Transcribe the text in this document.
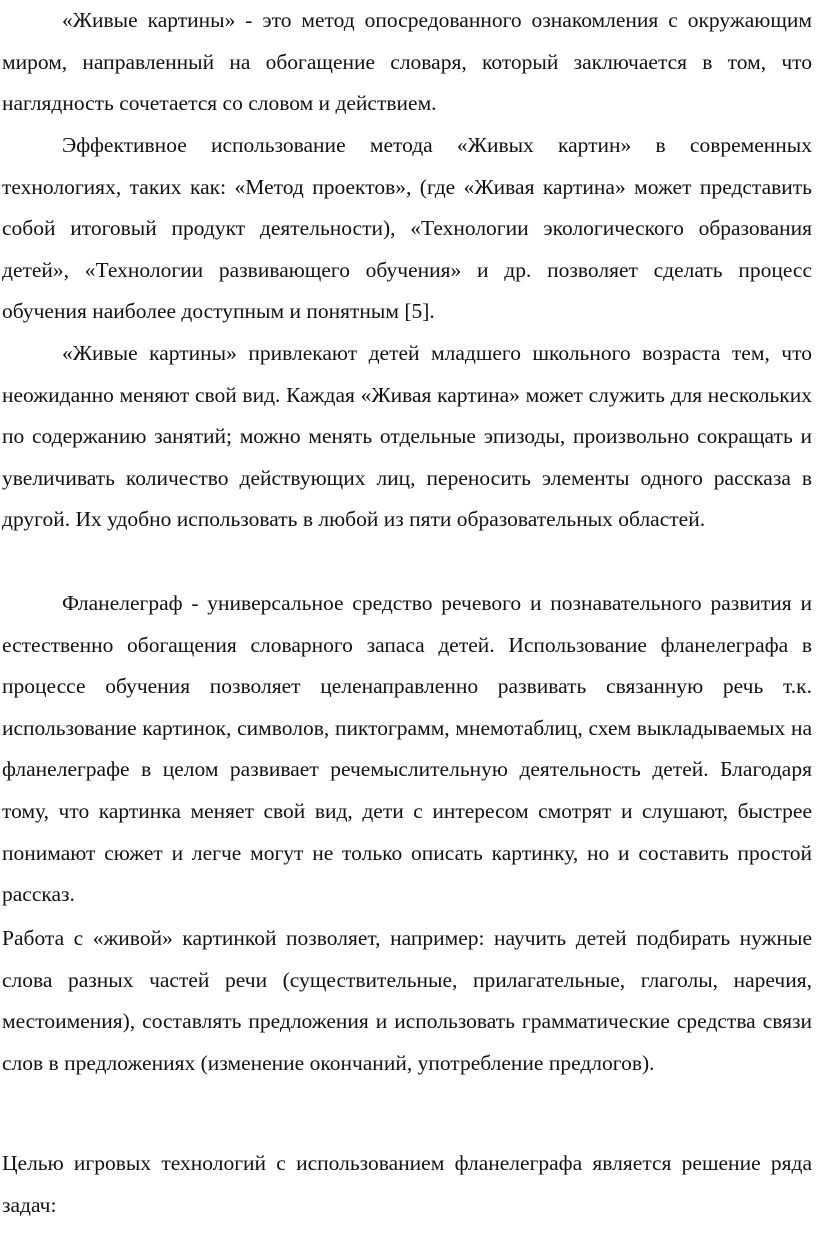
«Живые картины» - это метод опосредованного ознакомления с окружающим миром, направленный на обогащение словаря, который заключается в том, что наглядность сочетается со словом и действием.

Эффективное использование метода «Живых картин» в современных технологиях, таких как: «Метод проектов», (где «Живая картина» может представить собой итоговый продукт деятельности), «Технологии экологического образования детей», «Технологии развивающего обучения» и др. позволяет сделать процесс обучения наиболее доступным и понятным [5].

«Живые картины» привлекают детей младшего школьного возраста тем, что неожиданно меняют свой вид. Каждая «Живая картина» может служить для нескольких по содержанию занятий; можно менять отдельные эпизоды, произвольно сокращать и увеличивать количество действующих лиц, переносить элементы одного рассказа в другой. Их удобно использовать в любой из пяти образовательных областей.

Фланелеграф - универсальное средство речевого и познавательного развития и естественно обогащения словарного запаса детей. Использование фланелеграфа в процессе обучения позволяет целенаправленно развивать связанную речь т.к. использование картинок, символов, пиктограмм, мнемотаблиц, схем выкладываемых на фланелеграфе в целом развивает речемыслительную деятельность детей. Благодаря тому, что картинка меняет свой вид, дети с интересом смотрят и слушают, быстрее понимают сюжет и легче могут не только описать картинку, но и составить простой рассказ.

Работа с «живой» картинкой позволяет, например: научить детей подбирать нужные слова разных частей речи (существительные, прилагательные, глаголы, наречия, местоимения), составлять предложения и использовать грамматические средства связи слов в предложениях (изменение окончаний, употребление предлогов).

Целью игровых технологий с использованием фланелеграфа является решение ряда задач:
